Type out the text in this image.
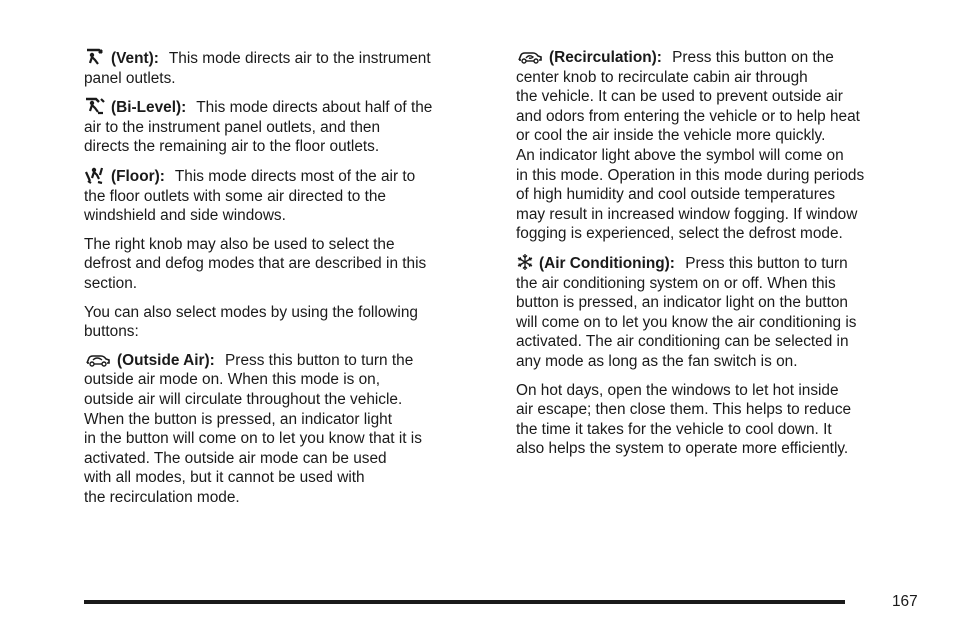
(Vent): This mode directs air to the instrument
panel outlets.
(Bi-Level): This mode directs about half of the
air to the instrument panel outlets, and then
directs the remaining air to the floor outlets.
(Floor): This mode directs most of the air to
the floor outlets with some air directed to the
windshield and side windows.
The right knob may also be used to select the
defrost and defog modes that are described in this
section.
You can also select modes by using the following
buttons:
(Outside Air): Press this button to turn the
outside air mode on. When this mode is on,
outside air will circulate throughout the vehicle.
When the button is pressed, an indicator light
in the button will come on to let you know that it is
activated. The outside air mode can be used
with all modes, but it cannot be used with
the recirculation mode.
(Recirculation): Press this button on the
center knob to recirculate cabin air through
the vehicle. It can be used to prevent outside air
and odors from entering the vehicle or to help heat
or cool the air inside the vehicle more quickly.
An indicator light above the symbol will come on
in this mode. Operation in this mode during periods
of high humidity and cool outside temperatures
may result in increased window fogging. If window
fogging is experienced, select the defrost mode.
(Air Conditioning): Press this button to turn
the air conditioning system on or off. When this
button is pressed, an indicator light on the button
will come on to let you know the air conditioning is
activated. The air conditioning can be selected in
any mode as long as the fan switch is on.
On hot days, open the windows to let hot inside
air escape; then close them. This helps to reduce
the time it takes for the vehicle to cool down. It
also helps the system to operate more efficiently.
167
